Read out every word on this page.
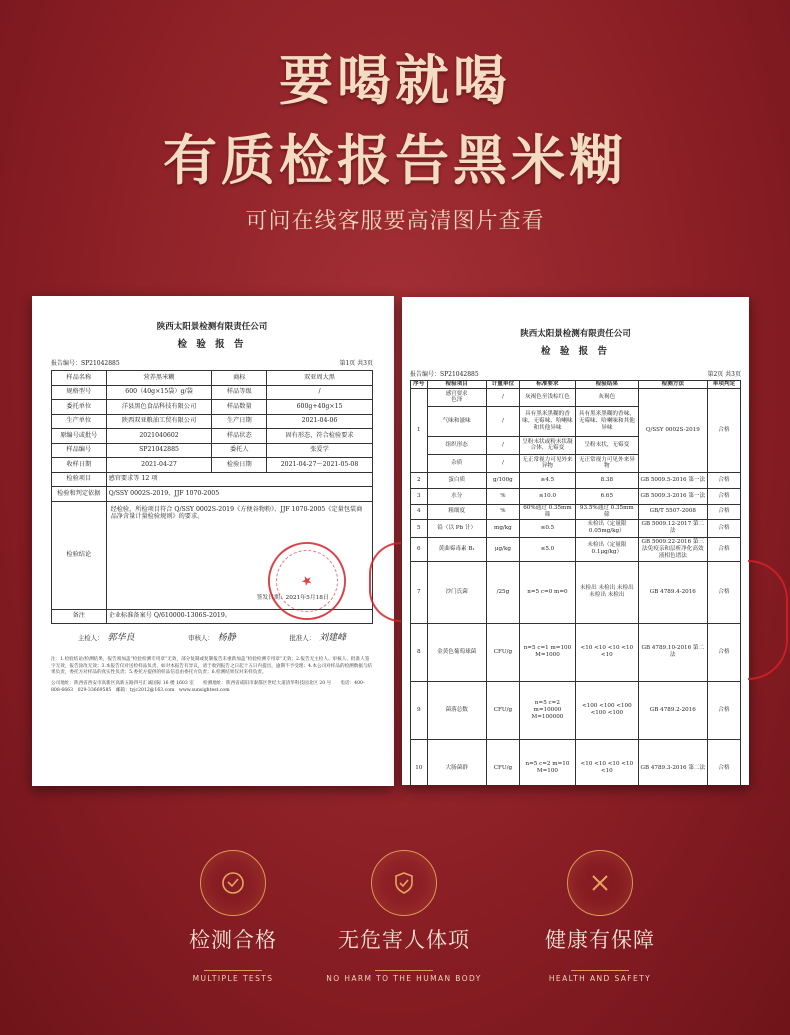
要喝就喝
有质检报告黑米糊
可问在线客服要高清图片查看
陕西太阳景检测有限责任公司
检 验 报 告
报告编号：SP21042885	第1页 共3页
样品名称	营养黑米糊	商标	双亚周大黑
规格型号	600（40g×15袋）g/袋	样品等级	/
委托单位	洋县黑色食品科技有限公司	样品数量	600g+40g×15
生产单位	陕西双亚粮油工贸有限公司	生产日期	2021-04-06
原编号或批号	2021040602	样品状态	固有形态，符合检验要求
样品编号	SP21042885	委托人	张爱学
收样日期	2021-04-27	检验日期	2021-04-27～2021-05-08
检验项目	感官要求等 12 项		
检验和判定依据	Q/SSY 0002S-2019、JJF 1070-2005		
检验结论	经检验，所检项目符合 Q/SSY 0002S-2019《方便谷物粉》、JJF 1070-2005《定量包装商品净含量计量检验规则》的要求。
签发日期：2021年5月18日		

备注	企业标准备案号 Q/610000-1306S-2019。		
主检人： 郭华良	审核人： 杨静	批准人： 刘建峰
注：1.检验结论/检测结果，报告须加盖“检验检测专用章”无效，部分复制或复制报告未重新加盖“检验检测专用章”无效；2.报告无主检人、审核人、批准人签字无效，报告涂改无效；3.本报告仅对送检样品负责，如对本报告有异议，请于收到报告之日起十五日内提出，逾期不予受理；4.本公司对样品的检测数据与结果负责，委托方对样品的真实性负责；5.委托方提供的样品信息由委托方负责；6.检测结果仅对来样负责。
公司地址：陕西省西安市高新区高新五路四号汇诚国际 16 楼 1603 室　　检测地址：陕西省咸阳市秦都区世纪大道清华科技园北区 20 号　　电话：400-808-6663　029-33669585　邮箱：tyjc2012@163.com　www.sunsightest.com
陕西太阳景检测有限责任公司
检 验 报 告
报告编号：SP21042885	第2页 共3页
序号	检验项目	计量单位	标准要求	检验结果	检测方法	单项判定
1	感官要求
色泽	/	灰褐色至浅棕红色	灰褐色	Q/SSY 0002S-2019	合格
	气味和滋味	/	具有黑米黑糊的香味，无霉味、哈喇味和其他异味	具有黑米黑糊的香味，无霉味、哈喇味和其他异味		
	组织形态	/	呈粉末状或粉末状凝合体，无霉变	呈粉末状，无霉变		
	杂质	/	无正常视力可见外来异物	无正常视力可见外来异物		
2	蛋白质	g/100g	≥4.5	8.38	GB 5009.5-2016 第一法	合格
3	水分	%	≤10.0	6.65	GB 5009.3-2016 第一法	合格
4	粗细度	%	60%通过 0.35mm 筛	93.5%通过 0.35mm 筛	GB/T 5507-2008	合格
5	铅（以 Pb 计）	mg/kg	≤0.5	未检出（定量限 0.05mg/kg）	GB 5009.12-2017 第二法	合格
6	黄曲霉毒素 B₁	μg/kg	≤5.0	未检出（定量限 0.1μg/kg）	GB 5009.22-2016 第三法免疫亲和层析净化高效液相色谱法	合格
7	沙门氏菌	/25g	n=5 c=0 m=0	未检出 未检出 未检出 未检出 未检出	GB 4789.4-2016	合格
8	金黄色葡萄球菌	CFU/g	n=5 c=1 m=100 M=1000	<10 <10 <10 <10 <10	GB 4789.10-2016 第二法	合格
9	菌落总数	CFU/g	n=5 c=2 m=10000 M=100000	<100 <100 <100 <100 <100	GB 4789.2-2016	合格
10	大肠菌群	CFU/g	n=5 c=2 m=10 M=100	<10 <10 <10 <10 <10	GB 4789.3-2016 第二法	合格
★
检测合格	无危害人体项	健康有保障
MULTIPLE TESTS	NO HARM TO THE HUMAN BODY	HEALTH AND SAFETY
